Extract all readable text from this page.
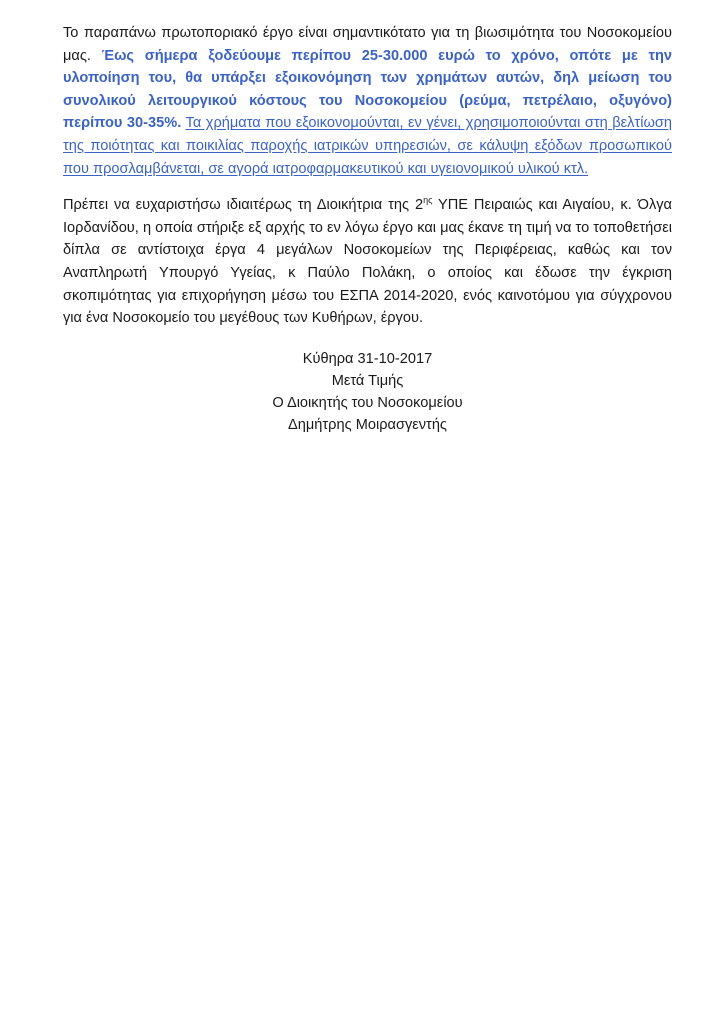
Το παραπάνω πρωτοποριακό έργο είναι σημαντικότατο για τη βιωσιμότητα του Νοσοκομείου μας. Έως σήμερα ξοδεύουμε περίπου 25-30.000 ευρώ το χρόνο, οπότε με την υλοποίηση του, θα υπάρξει εξοικονόμηση των χρημάτων αυτών, δηλ μείωση του συνολικού λειτουργικού κόστους του Νοσοκομείου (ρεύμα, πετρέλαιο, οξυγόνο) περίπου 30-35%. Τα χρήματα που εξοικονομούνται, εν γένει, χρησιμοποιούνται στη βελτίωση της ποιότητας και ποικιλίας παροχής ιατρικών υπηρεσιών, σε κάλυψη εξόδων προσωπικού που προσλαμβάνεται, σε αγορά ιατροφαρμακευτικού και υγειονομικού υλικού κτλ.

Πρέπει να ευχαριστήσω ιδιαιτέρως τη Διοικήτρια της $2^{\eta\varsigma}$ ΥΠΕ Πειραιώς και Αιγαίου, κ. Όλγα Ιορδανίδου, η οποία στήριξε εξ αρχής το εν λόγω έργο και μας έκανε τη τιμή να το τοποθετήσει δίπλα σε αντίστοιχα έργα 4 μεγάλων Νοσοκομείων της Περιφέρειας, καθώς και τον Αναπληρωτή Υπουργό Υγείας, κ Παύλο Πολάκη, ο οποίος και έδωσε την έγκριση σκοπιμότητας για επιχορήγηση μέσω του ΕΣΠΑ 2014-2020, ενός καινοτόμου για σύγχρονου για ένα Νοσοκομείο του μεγέθους των Κυθήρων, έργου.

Κύθηρα 31-10-2017
Μετά Τιμής
Ο Διοικητής του Νοσοκομείου
Δημήτρης Μοιρασγεντής
